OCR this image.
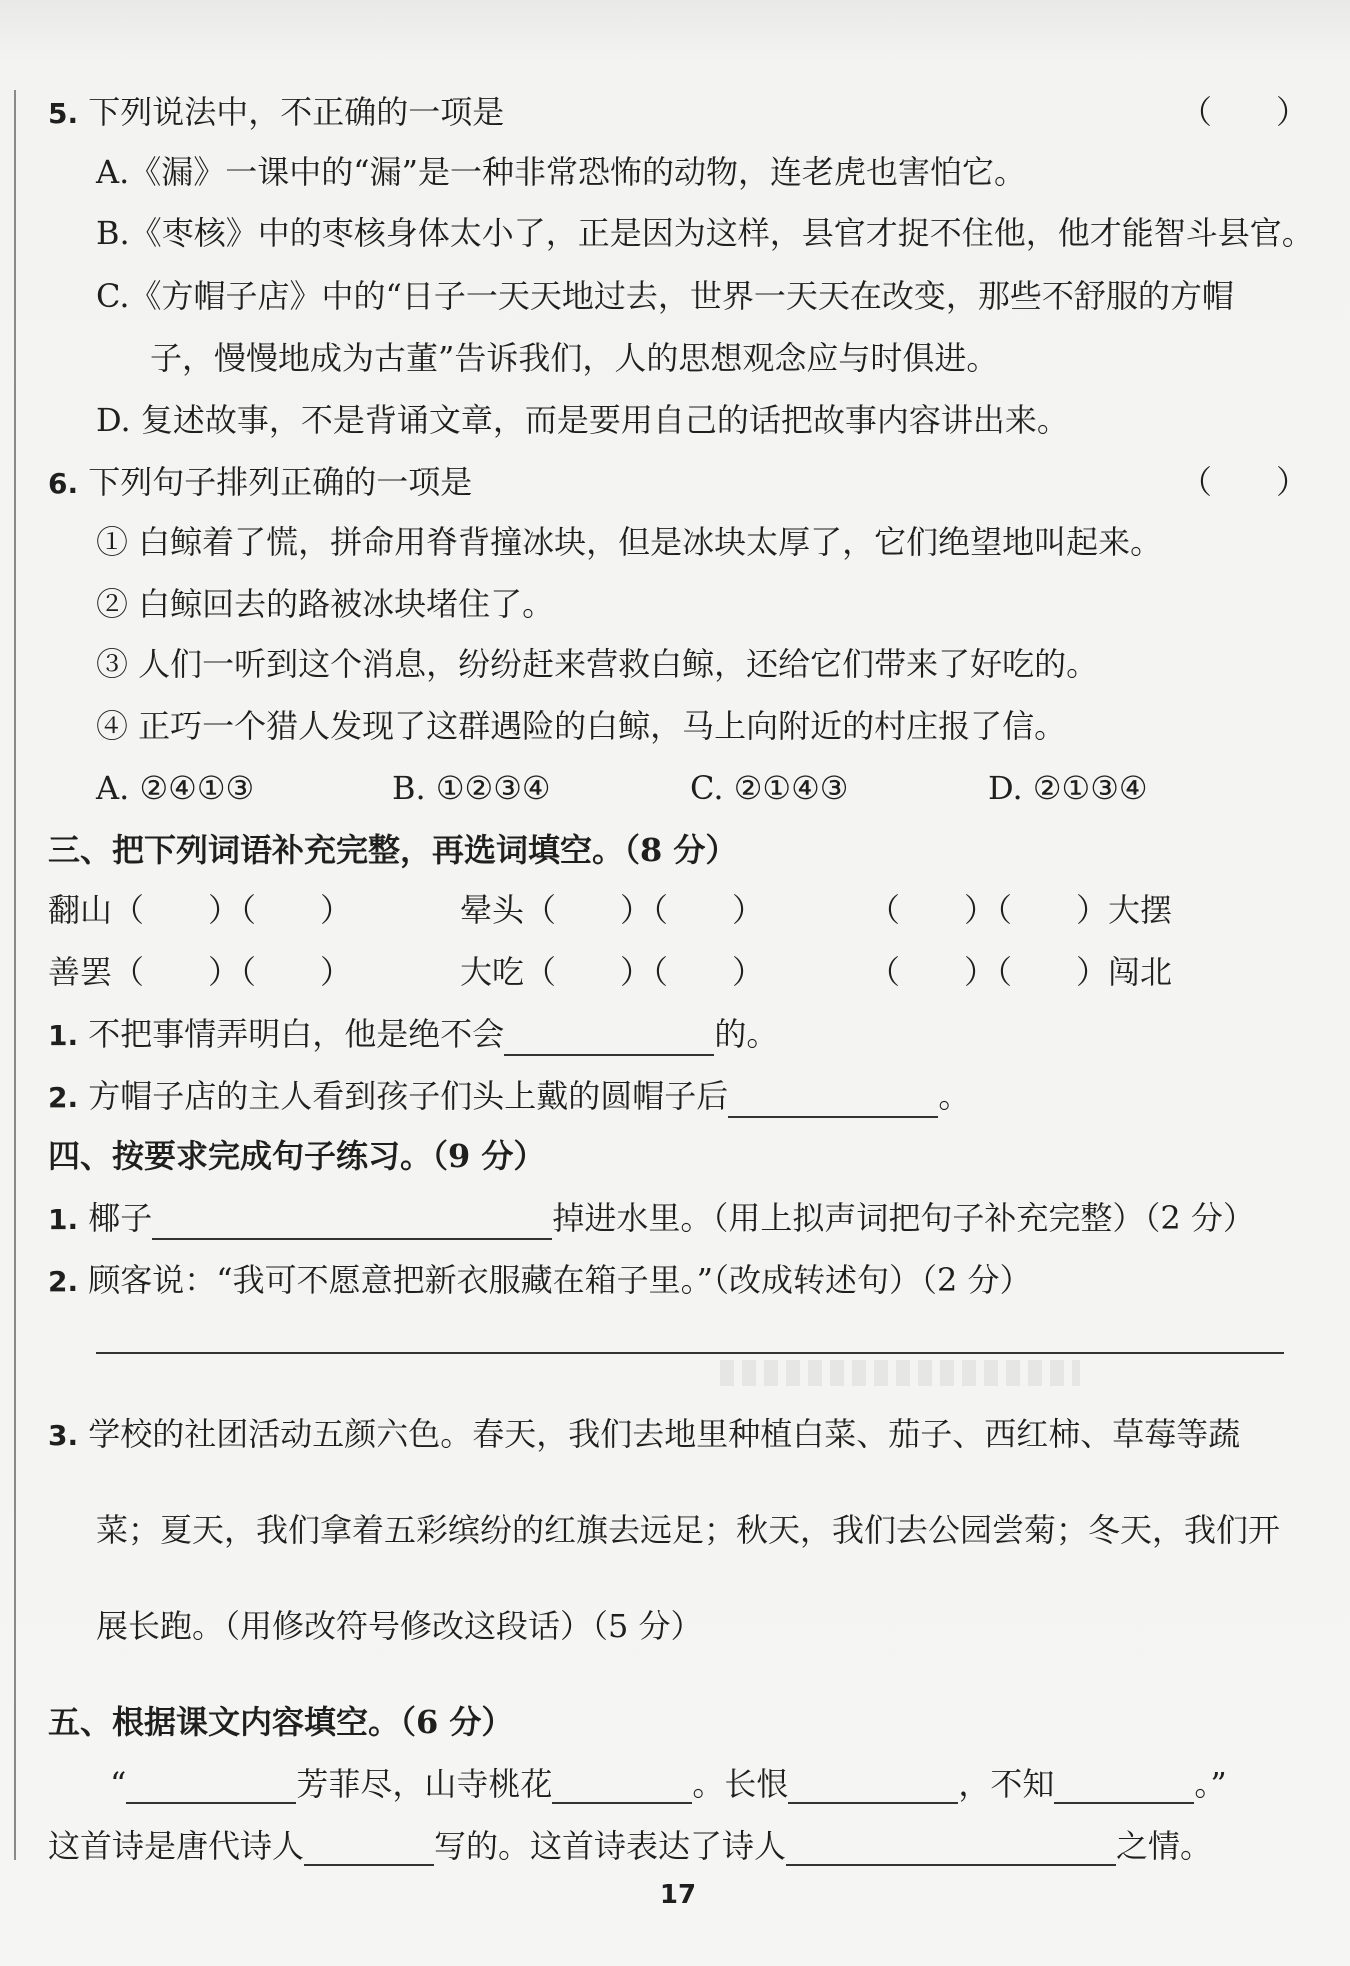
5. 下列说法中，不正确的一项是	（　　）
A.《漏》一课中的“漏”是一种非常恐怖的动物，连老虎也害怕它。
B.《枣核》中的枣核身体太小了，正是因为这样，县官才捉不住他，他才能智斗县官。
C.《方帽子店》中的“日子一天天地过去，世界一天天在改变，那些不舒服的方帽
子，慢慢地成为古董”告诉我们，人的思想观念应与时俱进。
D. 复述故事，不是背诵文章，而是要用自己的话把故事内容讲出来。
6. 下列句子排列正确的一项是	（　　）
① 白鲸着了慌，拼命用脊背撞冰块，但是冰块太厚了，它们绝望地叫起来。
② 白鲸回去的路被冰块堵住了。
③ 人们一听到这个消息，纷纷赶来营救白鲸，还给它们带来了好吃的。
④ 正巧一个猎人发现了这群遇险的白鲸，马上向附近的村庄报了信。
A. ②④①③	B. ①②③④	C. ②①④③	D. ②①③④
三、把下列词语补充完整，再选词填空。（8 分）
翻山（　　）（　　）	晕头（　　）（　　）	（　　）（　　）大摆
善罢（　　）（　　）	大吃（　　）（　　）	（　　）（　　）闯北
1. 不把事情弄明白，他是绝不会	的。
2. 方帽子店的主人看到孩子们头上戴的圆帽子后	。
四、按要求完成句子练习。（9 分）
1. 椰子	掉进水里。（用上拟声词把句子补充完整）（2 分）
2. 顾客说：“我可不愿意把新衣服藏在箱子里。”（改成转述句）（2 分）
3. 学校的社团活动五颜六色。春天，我们去地里种植白菜、茄子、西红柿、草莓等蔬
菜；夏天，我们拿着五彩缤纷的红旗去远足；秋天，我们去公园尝菊；冬天，我们开
展长跑。（用修改符号修改这段话）（5 分）
五、根据课文内容填空。（6 分）
“	芳菲尽，山寺桃花	。长恨	，不知	。”
这首诗是唐代诗人	写的。这首诗表达了诗人	之情。
17
